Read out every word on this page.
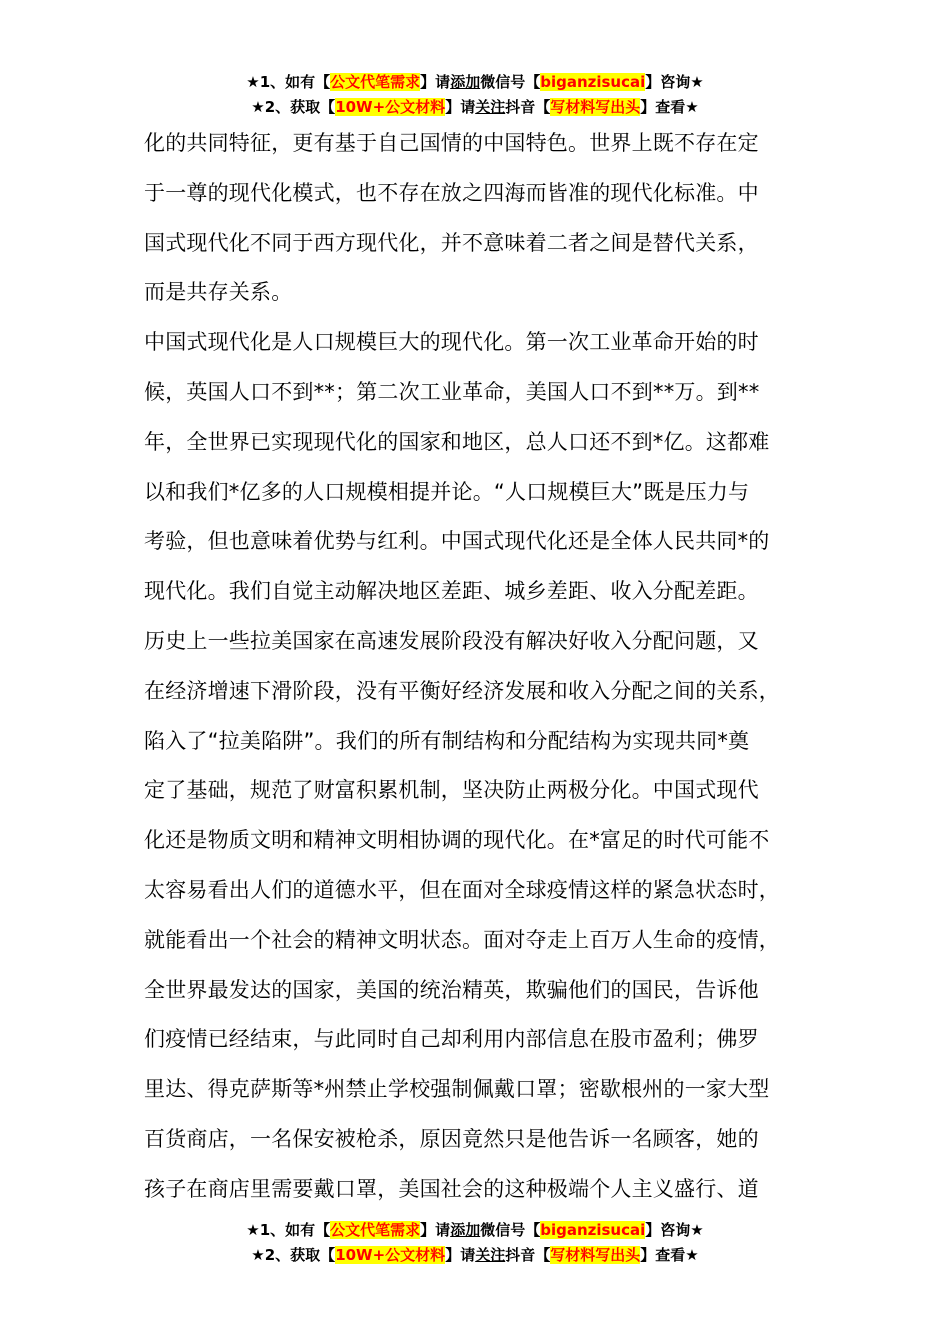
★1、如有【公文代笔需求】请添加微信号【biganzisucai】咨询★
★2、获取【10W+公文材料】请关注抖音【写材料写出头】查看★
化的共同特征，更有基于自己国情的中国特色。世界上既不存在定
于一尊的现代化模式，也不存在放之四海而皆准的现代化标准。中
国式现代化不同于西方现代化，并不意味着二者之间是替代关系，
而是共存关系。
中国式现代化是人口规模巨大的现代化。第一次工业革命开始的时
候，英国人口不到**；第二次工业革命，美国人口不到**万。到**
年，全世界已实现现代化的国家和地区，总人口还不到*亿。这都难
以和我们*亿多的人口规模相提并论。“人口规模巨大”既是压力与
考验，但也意味着优势与红利。中国式现代化还是全体人民共同*的
现代化。我们自觉主动解决地区差距、城乡差距、收入分配差距。
历史上一些拉美国家在高速发展阶段没有解决好收入分配问题，又
在经济增速下滑阶段，没有平衡好经济发展和收入分配之间的关系，
陷入了“拉美陷阱”。我们的所有制结构和分配结构为实现共同*奠
定了基础，规范了财富积累机制，坚决防止两极分化。中国式现代
化还是物质文明和精神文明相协调的现代化。在*富足的时代可能不
太容易看出人们的道德水平，但在面对全球疫情这样的紧急状态时，
就能看出一个社会的精神文明状态。面对夺走上百万人生命的疫情，
全世界最发达的国家，美国的统治精英，欺骗他们的国民，告诉他
们疫情已经结束，与此同时自己却利用内部信息在股市盈利；佛罗
里达、得克萨斯等*州禁止学校强制佩戴口罩；密歇根州的一家大型
百货商店，一名保安被枪杀，原因竟然只是他告诉一名顾客，她的
孩子在商店里需要戴口罩，美国社会的这种极端个人主义盛行、道
★1、如有【公文代笔需求】请添加微信号【biganzisucai】咨询★
★2、获取【10W+公文材料】请关注抖音【写材料写出头】查看★
